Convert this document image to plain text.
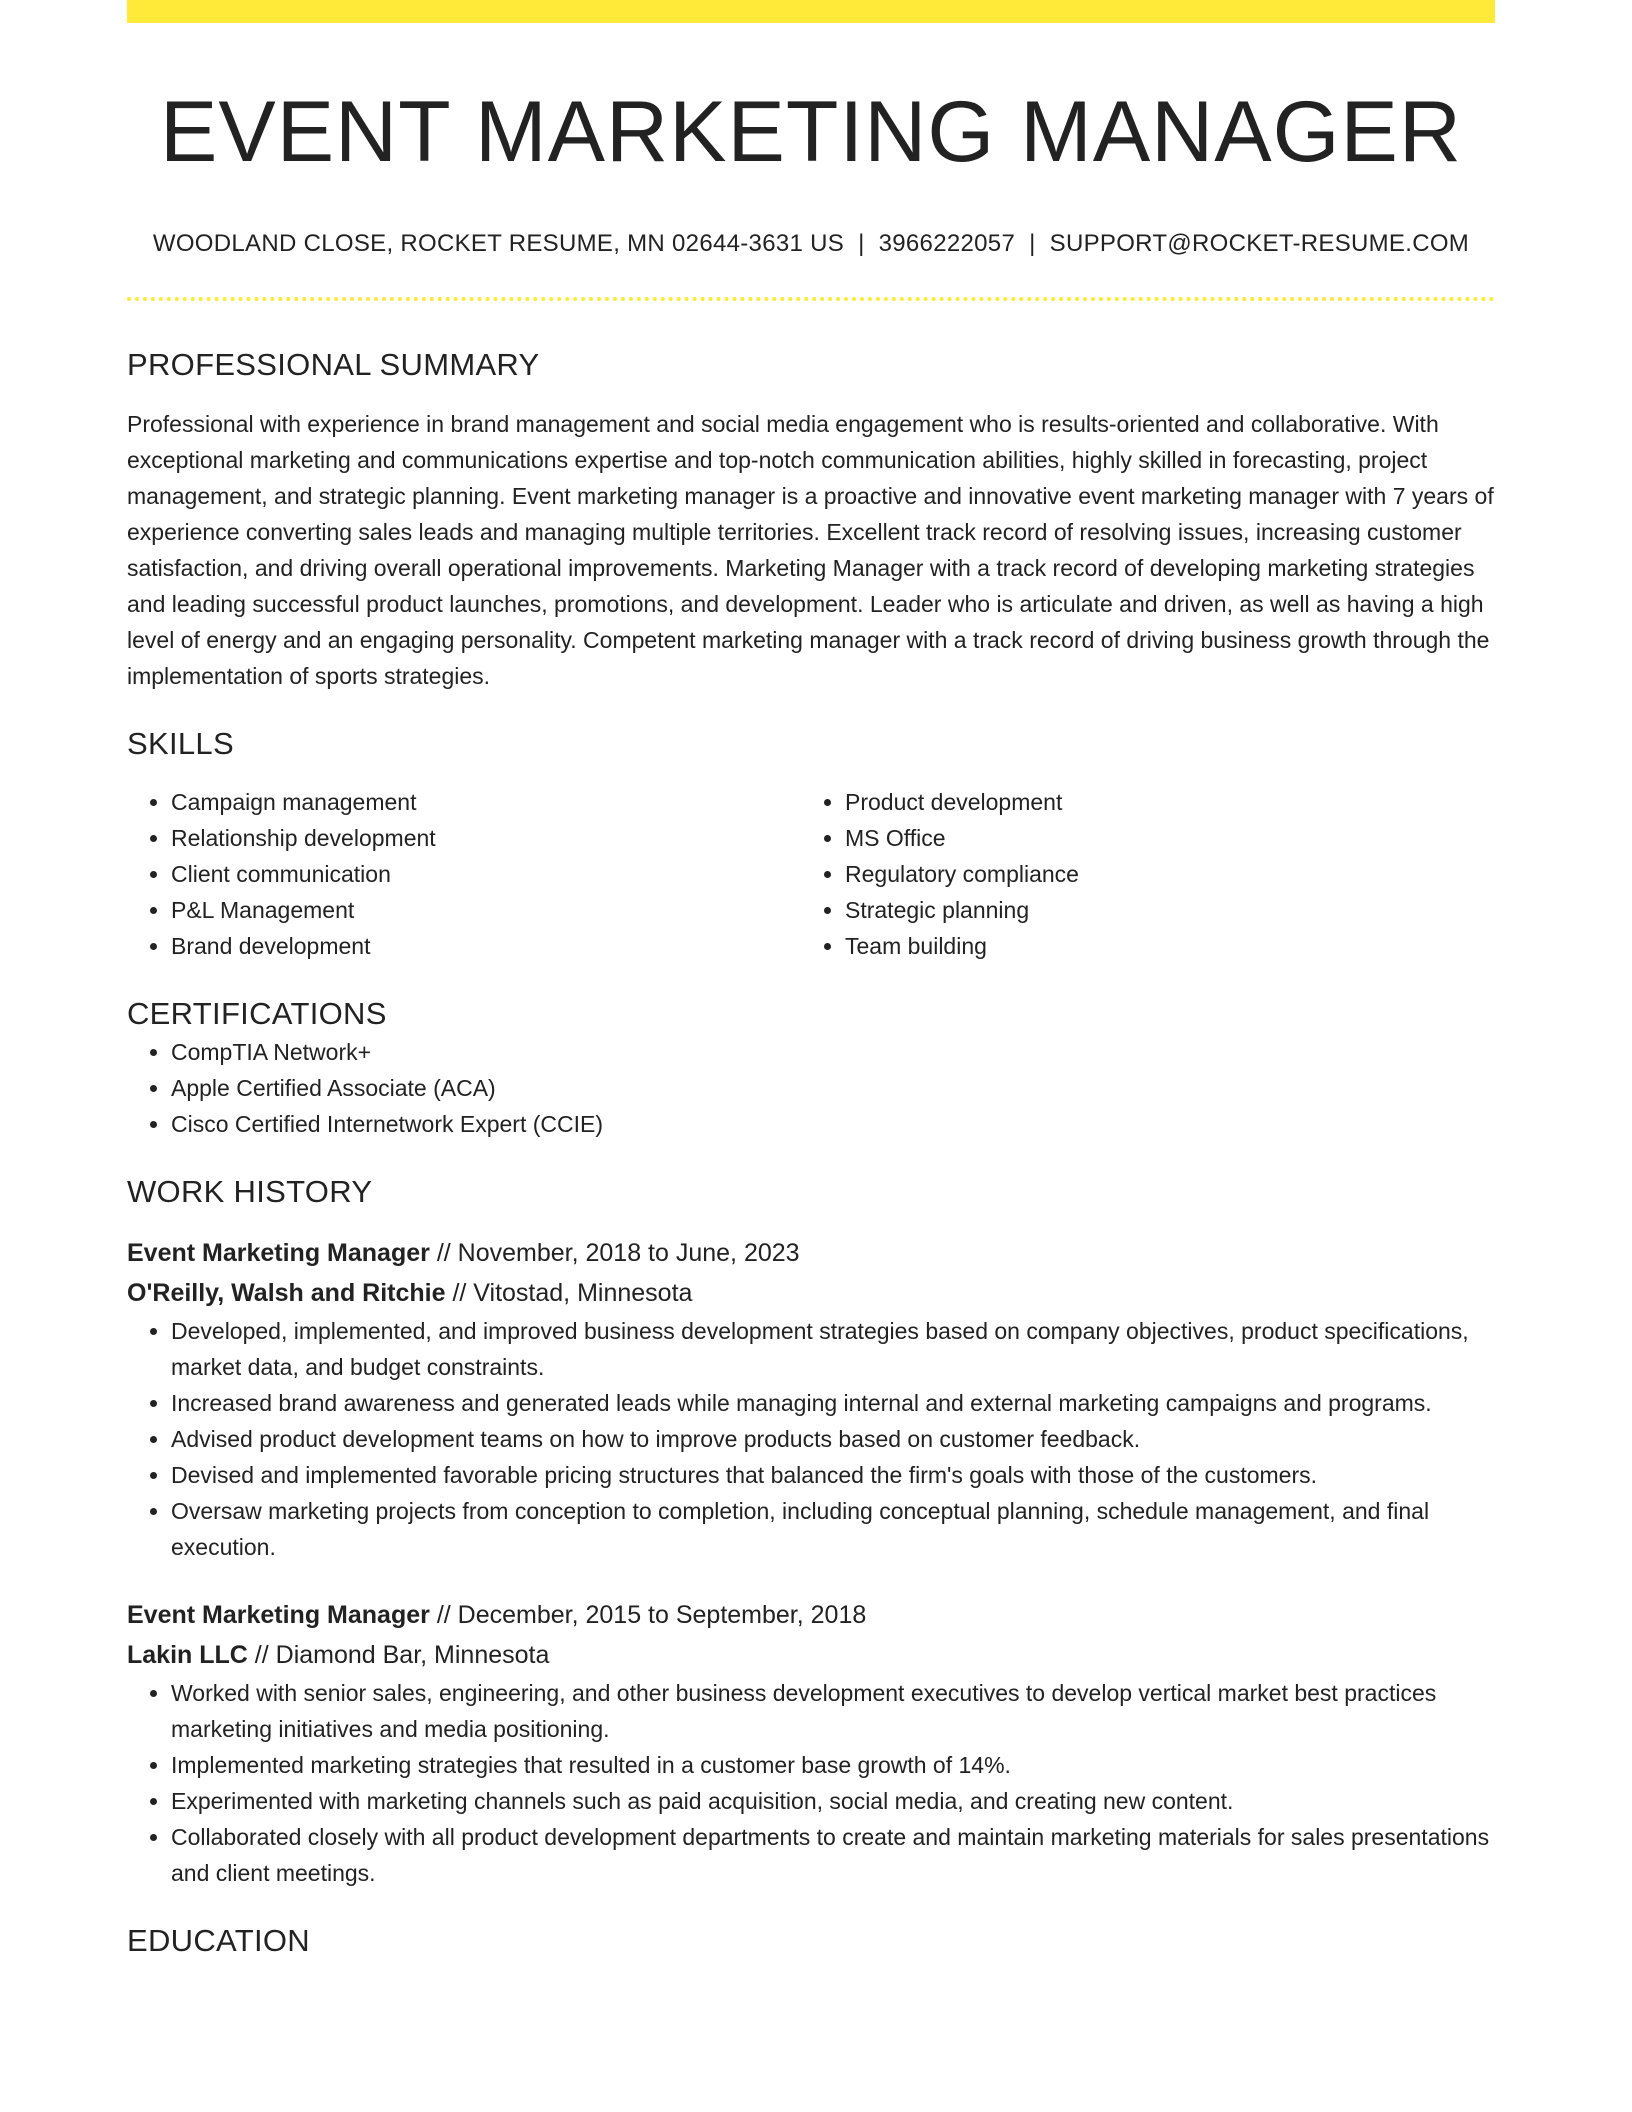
EVENT MARKETING MANAGER
WOODLAND CLOSE, ROCKET RESUME, MN 02644-3631 US | 3966222057 | SUPPORT@ROCKET-RESUME.COM
PROFESSIONAL SUMMARY

Professional with experience in brand management and social media engagement who is results-oriented and collaborative. With exceptional marketing and communications expertise and top-notch communication abilities, highly skilled in forecasting, project management, and strategic planning. Event marketing manager is a proactive and innovative event marketing manager with 7 years of experience converting sales leads and managing multiple territories. Excellent track record of resolving issues, increasing customer satisfaction, and driving overall operational improvements. Marketing Manager with a track record of developing marketing strategies and leading successful product launches, promotions, and development. Leader who is articulate and driven, as well as having a high level of energy and an engaging personality. Competent marketing manager with a track record of driving business growth through the implementation of sports strategies.

SKILLS
• Campaign management
• Relationship development
• Client communication
• P&L Management
• Brand development
• Product development
• MS Office
• Regulatory compliance
• Strategic planning
• Team building
CERTIFICATIONS
• CompTIA Network+
• Apple Certified Associate (ACA)
• Cisco Certified Internetwork Expert (CCIE)
WORK HISTORY
Event Marketing Manager // November, 2018 to June, 2023
O'Reilly, Walsh and Ritchie // Vitostad, Minnesota
• Developed, implemented, and improved business development strategies based on company objectives, product specifications, market data, and budget constraints.
• Increased brand awareness and generated leads while managing internal and external marketing campaigns and programs.
• Advised product development teams on how to improve products based on customer feedback.
• Devised and implemented favorable pricing structures that balanced the firm's goals with those of the customers.
• Oversaw marketing projects from conception to completion, including conceptual planning, schedule management, and final execution.
Event Marketing Manager // December, 2015 to September, 2018
Lakin LLC // Diamond Bar, Minnesota
• Worked with senior sales, engineering, and other business development executives to develop vertical market best practices marketing initiatives and media positioning.
• Implemented marketing strategies that resulted in a customer base growth of 14%.
• Experimented with marketing channels such as paid acquisition, social media, and creating new content.
• Collaborated closely with all product development departments to create and maintain marketing materials for sales presentations and client meetings.
EDUCATION
